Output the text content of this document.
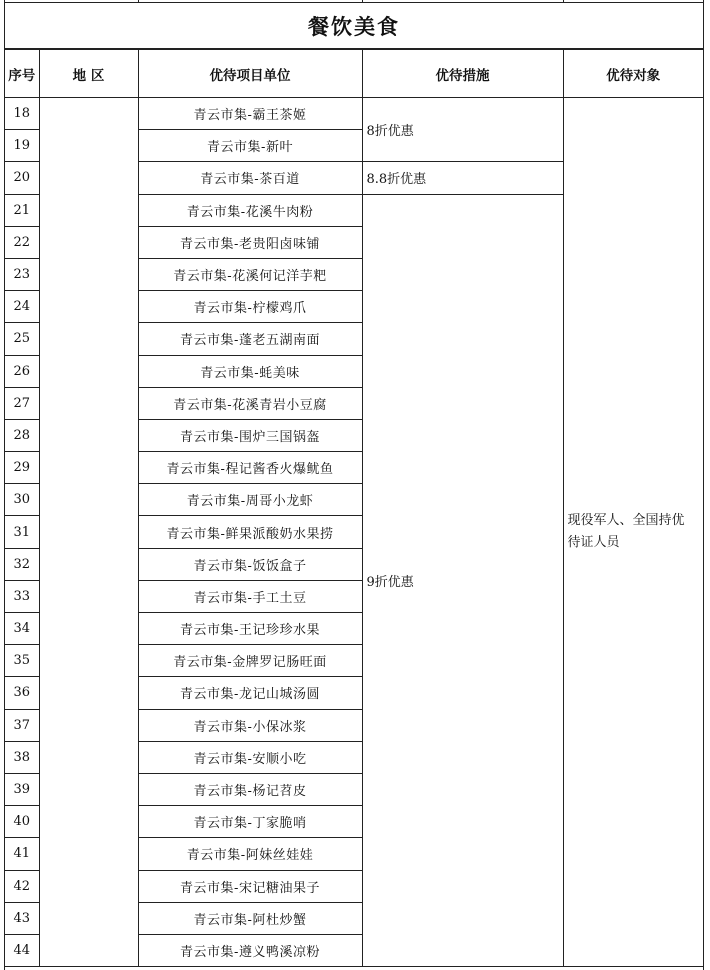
餐饮美食
序号	地 区	优待项目单位	优待措施	优待对象
18		青云市集-霸王茶姬	8折优惠	现役军人、全国持优待证人员
19		青云市集-新叶		
20		青云市集-茶百道	8.8折优惠	
21		青云市集-花溪牛肉粉	9折优惠	
22		青云市集-老贵阳卤味铺		
23		青云市集-花溪何记洋芋粑		
24		青云市集-柠檬鸡爪		
25		青云市集-蓬老五湖南面		
26		青云市集-蚝美味		
27		青云市集-花溪青岩小豆腐		
28		青云市集-围炉三国锅盔		
29		青云市集-程记酱香火爆鱿鱼		
30		青云市集-周哥小龙虾		
31		青云市集-鲜果派酸奶水果捞		
32		青云市集-饭饭盒子		
33		青云市集-手工土豆		
34		青云市集-王记珍珍水果		
35		青云市集-金牌罗记肠旺面		
36		青云市集-龙记山城汤圆		
37		青云市集-小保冰浆		
38		青云市集-安顺小吃		
39		青云市集-杨记苕皮		
40		青云市集-丁家脆哨		
41		青云市集-阿妹丝娃娃		
42		青云市集-宋记糖油果子		
43		青云市集-阿杜炒蟹		
44		青云市集-遵义鸭溪凉粉		
